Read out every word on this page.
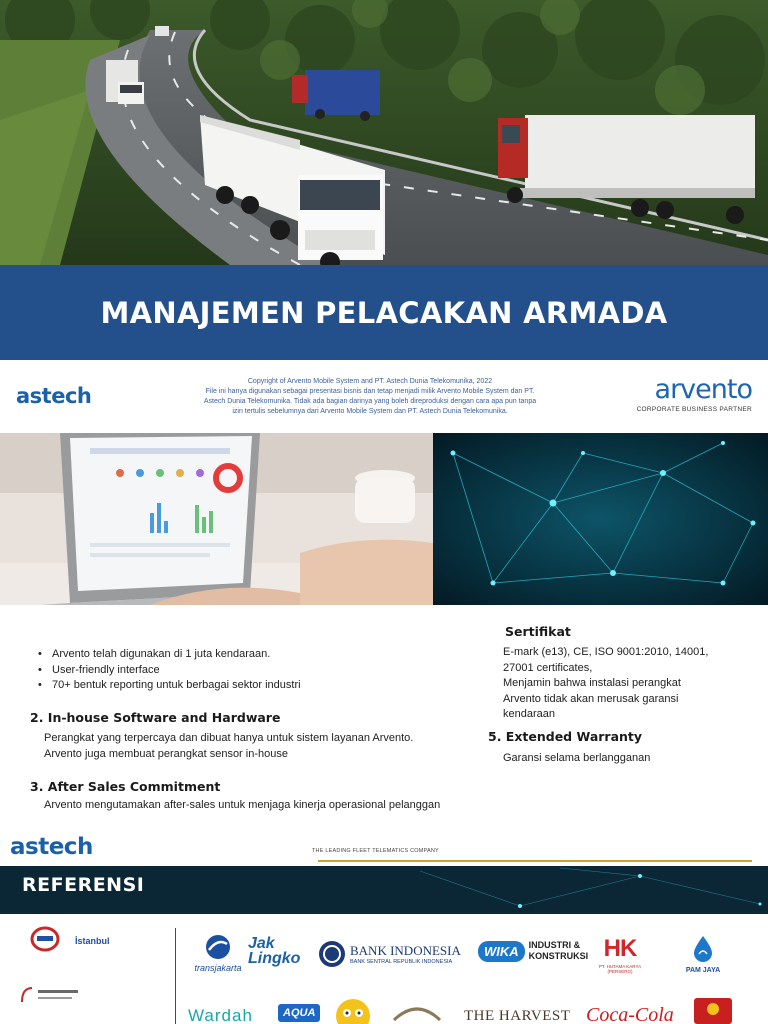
MANAJEMEN PELACAKAN ARMADA
astech
Copyright of Arvento Mobile System and PT. Astech Dunia Telekomunika, 2022
File ini hanya digunakan sebagai presentasi bisnis dan tetap menjadi milik Arvento Mobile System dan PT.
Astech Dunia Telekomunika. Tidak ada bagian darinya yang boleh direproduksi dengan cara apa pun tanpa
izin tertulis sebelumnya dari Arvento Mobile System dan PT. Astech Dunia Telekomunika.
arvento
CORPORATE BUSINESS PARTNER
• Arvento telah digunakan di 1 juta kendaraan.
• User-friendly interface
• 70+ bentuk reporting untuk berbagai sektor industri
2. In-house Software and Hardware
Perangkat yang terpercaya dan dibuat hanya untuk sistem layanan Arvento.
Arvento juga membuat perangkat sensor in-house
3. After Sales Commitment
Arvento mengutamakan after-sales untuk menjaga kinerja operasional pelanggan
Sertifikat
E-mark (e13), CE, ISO 9001:2010, 14001,
27001 certificates,
Menjamin bahwa instalasi perangkat
Arvento tidak akan merusak garansi
kendaraan
5. Extended Warranty
Garansi selama berlangganan
astech	THE LEADING FLEET TELEMATICS COMPANY
REFERENSI
İstanbul
transjakarta
Jak
Lingko	BANK INDONESIA
BANK SENTRAL REPUBLIK INDONESIA
WIKA	INDUSTRI &
KONSTRUKSI HK
PT. HUTAMA KARYA (PERSERO)	PAM JAYA
Wardah	AQUA	THE HARVEST Coca-Cola
